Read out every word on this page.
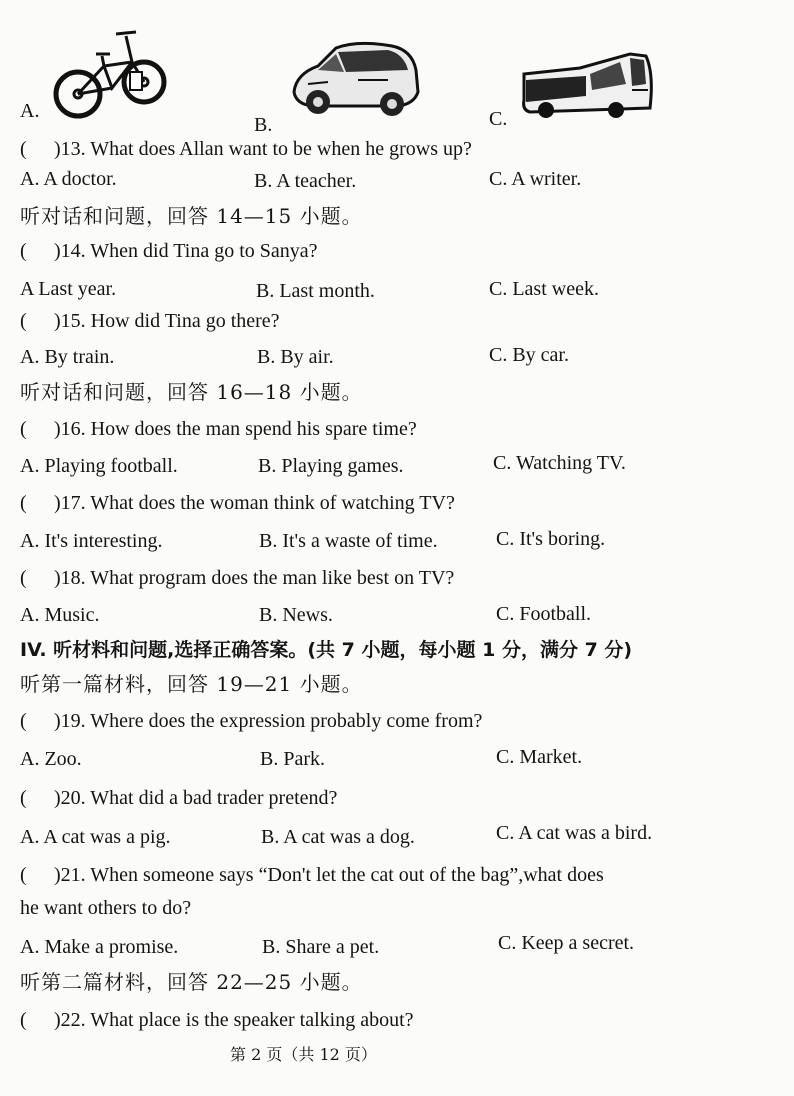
A.
B.	C.
( )13. What does Allan want to be when he grows up?
A. A doctor.	B. A teacher.	C. A writer.
听对话和问题，回答 14—15 小题。
( )14. When did Tina go to Sanya?
A Last year.	B. Last month.	C. Last week.
( )15. How did Tina go there?
A. By train.	B. By air.	C. By car.
听对话和问题，回答 16—18 小题。
( )16. How does the man spend his spare time?
A. Playing football.	B. Playing games.	C. Watching TV.
( )17. What does the woman think of watching TV?
A. It's interesting.	B. It's a waste of time.	C. It's boring.
( )18. What program does the man like best on TV?
A. Music.	B. News.	C. Football.
IV. 听材料和问题,选择正确答案。(共 7 小题，每小题 1 分，满分 7 分)
听第一篇材料，回答 19—21 小题。
( )19. Where does the expression probably come from?
A. Zoo.	B. Park.	C. Market.
( )20. What did a bad trader pretend?
A. A cat was a pig.	B. A cat was a dog.	C. A cat was a bird.
( )21. When someone says “Don't let the cat out of the bag”,what does
he want others to do?
A. Make a promise.	B. Share a pet.	C. Keep a secret.
听第二篇材料，回答 22—25 小题。
( )22. What place is the speaker talking about?
第 2 页（共 12 页）
